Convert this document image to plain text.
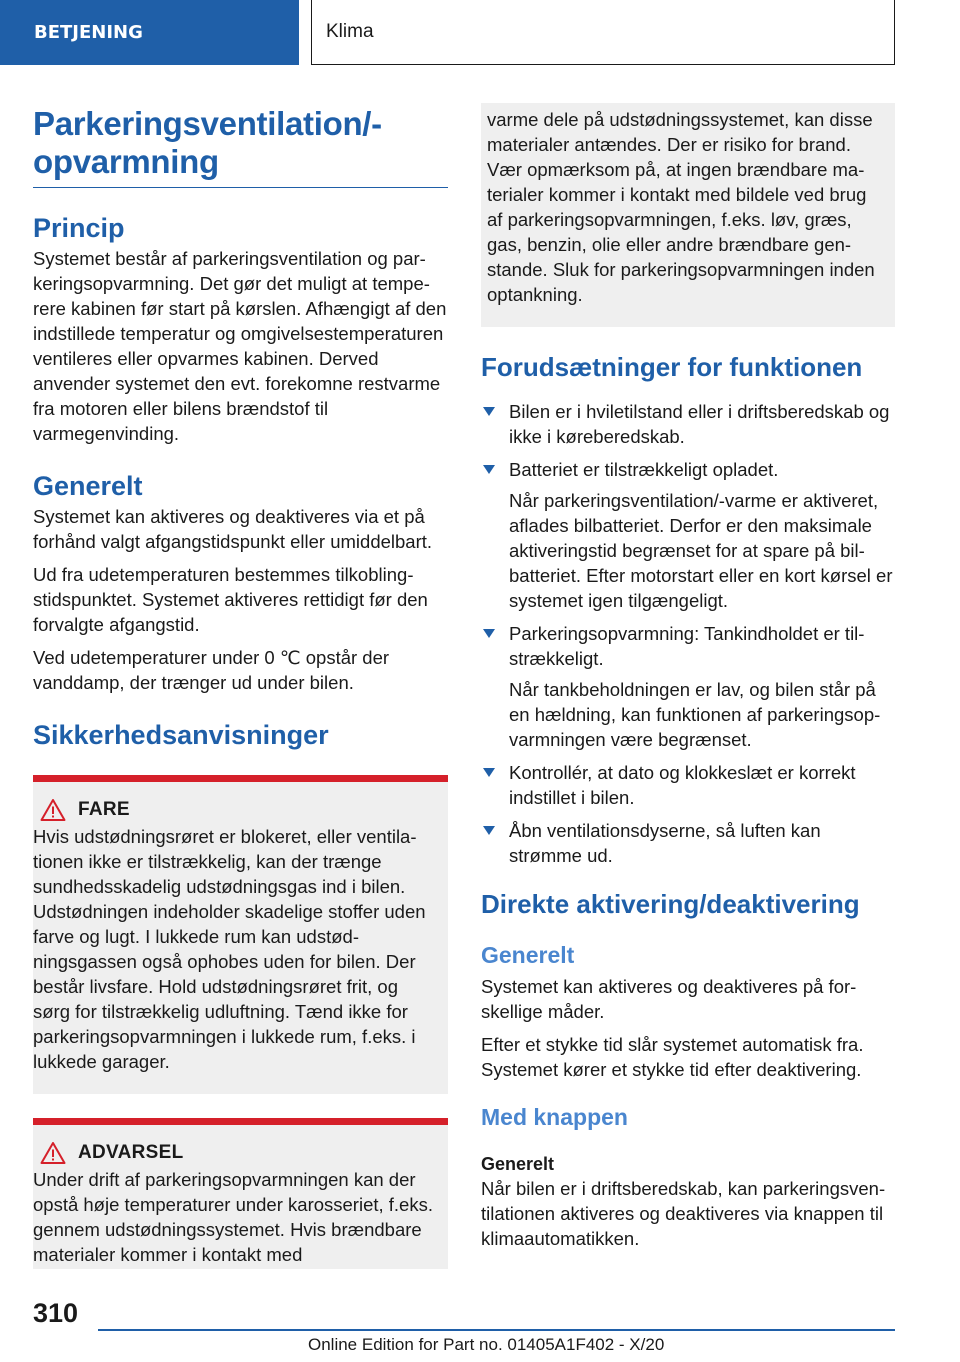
BETJENING	Klima
Parkeringsventilation/-opvarmning
Princip

Systemet består af parkeringsventilation og parkeringsopvarmning. Det gør det muligt at temperere kabinen før start på kørslen. Afhængigt af den indstillede temperatur og omgivelsestemperaturen ventileres eller opvarmes kabinen. Derved anvender systemet den evt. forekomne restvarme fra motoren eller bilens brændstof til varmegenvinding.

Generelt

Systemet kan aktiveres og deaktiveres via et på forhånd valgt afgangstidspunkt eller umiddelbart.

Ud fra udetemperaturen bestemmes tilkoblingstidspunktet. Systemet aktiveres rettidigt før den forvalgte afgangstid.

Ved udetemperaturer under 0 ℃ opstår der vanddamp, der trænger ud under bilen.

Sikkerhedsanvisninger
FARE

Hvis udstødningsrøret er blokeret, eller ventilationen ikke er tilstrækkelig, kan der trænge sundhedsskadelig udstødningsgas ind i bilen. Udstødningen indeholder skadelige stoffer uden farve og lugt. I lukkede rum kan udstødningsgassen også ophobes uden for bilen. Der består livsfare. Hold udstødningsrøret frit, og sørg for tilstrækkelig udluftning. Tænd ikke for parkeringsopvarmningen i lukkede rum, f.eks. i lukkede garager.

ADVARSEL

Under drift af parkeringsopvarmningen kan der opstå høje temperaturer under karosseriet, f.eks. gennem udstødningssystemet. Hvis brændbare materialer kommer i kontakt med

varme dele på udstødningssystemet, kan disse materialer antændes. Der er risiko for brand. Vær opmærksom på, at ingen brændbare materialer kommer i kontakt med bildele ved brug af parkeringsopvarmningen, f.eks. løv, græs, gas, benzin, olie eller andre brændbare genstande. Sluk for parkeringsopvarmningen inden optankning.

Forudsætninger for funktionen

Bilen er i hviletilstand eller i driftsberedskab og ikke i køreberedskab.

Batteriet er tilstrækkeligt opladet.

Når parkeringsventilation/-varme er aktiveret, aflades bilbatteriet. Derfor er den maksimale aktiveringstid begrænset for at spare på bilbatteriet. Efter motorstart eller en kort kørsel er systemet igen tilgængeligt.

Parkeringsopvarmning: Tankindholdet er tilstrækkeligt.

Når tankbeholdningen er lav, og bilen står på en hældning, kan funktionen af parkeringsopvarmningen være begrænset.

Kontrollér, at dato og klokkeslæt er korrekt indstillet i bilen.

Åbn ventilationsdyserne, så luften kan strømme ud.

Direkte aktivering/deaktivering
Generelt

Systemet kan aktiveres og deaktiveres på forskellige måder.

Efter et stykke tid slår systemet automatisk fra. Systemet kører et stykke tid efter deaktivering.

Med knappen
Generelt

Når bilen er i driftsberedskab, kan parkeringsventilationen aktiveres og deaktiveres via knappen til klimaautomatikken.

310
Online Edition for Part no. 01405A1F402 - X/20
